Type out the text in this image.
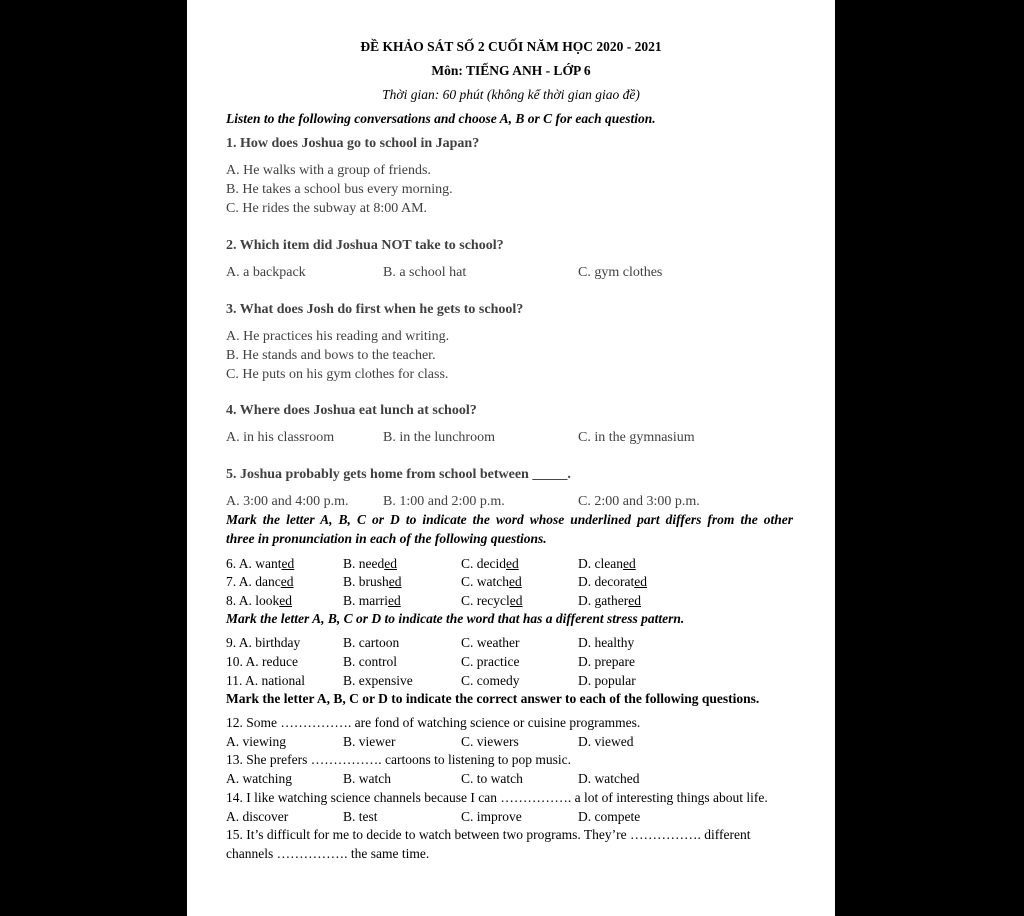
ĐỀ KHẢO SÁT SỐ 2 CUỐI NĂM HỌC 2020 - 2021
Môn: TIẾNG ANH - LỚP 6
Thời gian: 60 phút (không kể thời gian giao đề)
Listen to the following conversations and choose A, B or C for each question.
1. How does Joshua go to school in Japan?
A. He walks with a group of friends.
B. He takes a school bus every morning.
C. He rides the subway at 8:00 AM.
2. Which item did Joshua NOT take to school?
A. a backpack	B. a school hat	C. gym clothes
3. What does Josh do first when he gets to school?
A. He practices his reading and writing.
B. He stands and bows to the teacher.
C. He puts on his gym clothes for class.
4. Where does Joshua eat lunch at school?
A. in his classroom	B. in the lunchroom	C. in the gymnasium
5. Joshua probably gets home from school between _____.
A. 3:00 and 4:00 p.m. B. 1:00 and 2:00 p.m.	C. 2:00 and 3:00 p.m.
Mark the letter A, B, C or D to indicate the word whose underlined part differs from the other
three in pronunciation in each of the following questions.
6. A. wanted	B. needed	C. decided	D. cleaned
7. A. danced	B. brushed	C. watched	D. decorated
8. A. looked	B. married	C. recycled	D. gathered
Mark the letter A, B, C or D to indicate the word that has a different stress pattern.
9. A. birthday	B. cartoon	C. weather	D. healthy
10. A. reduce	B. control	C. practice	D. prepare
11. A. national	B. expensive	C. comedy	D. popular
Mark the letter A, B, C or D to indicate the correct answer to each of the following questions.
12. Some ……………. are fond of watching science or cuisine programmes.
A. viewing	B. viewer	C. viewers	D. viewed
13. She prefers ……………. cartoons to listening to pop music.
A. watching	B. watch	C. to watch	D. watched
14. I like watching science channels because I can ……………. a lot of interesting things about life.
A. discover	B. test	C. improve	D. compete
15. It’s difficult for me to decide to watch between two programs. They’re ……………. different
channels ……………. the same time.
